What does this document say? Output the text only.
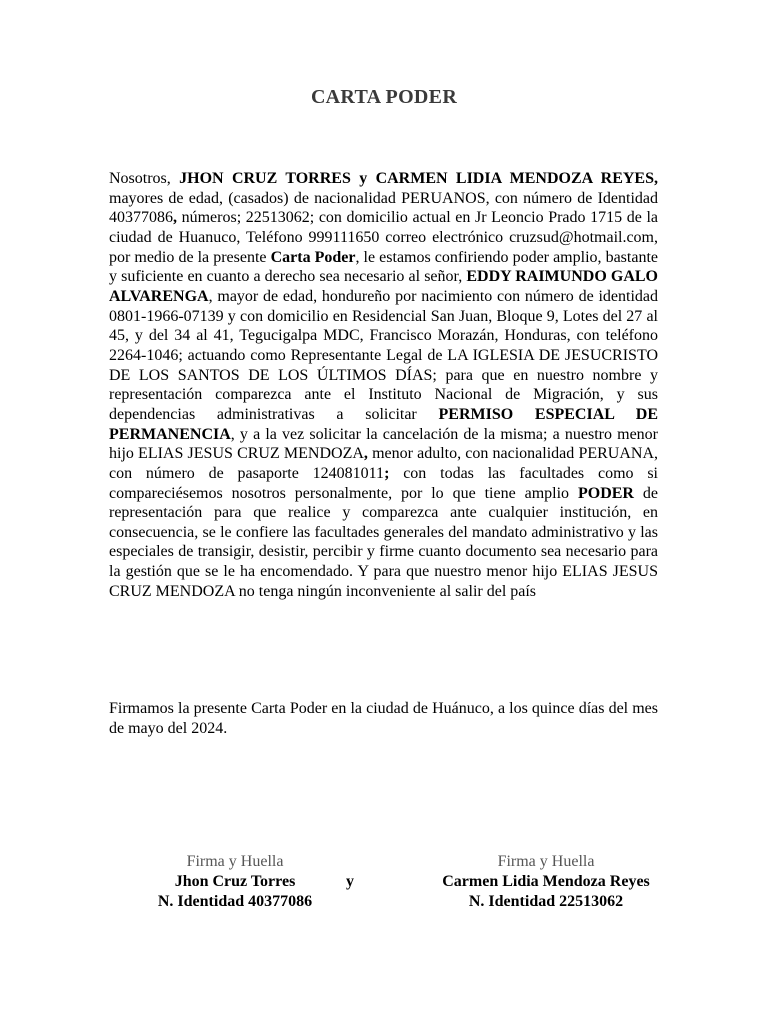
CARTA PODER
Nosotros, JHON CRUZ TORRES y CARMEN LIDIA MENDOZA REYES, mayores de edad, (casados) de nacionalidad PERUANOS, con número de Identidad 40377086, números; 22513062; con domicilio actual en Jr Leoncio Prado 1715 de la ciudad de Huanuco, Teléfono 999111650 correo electrónico cruzsud@hotmail.com, por medio de la presente Carta Poder, le estamos confiriendo poder amplio, bastante y suficiente en cuanto a derecho sea necesario al señor, EDDY RAIMUNDO GALO ALVARENGA, mayor de edad, hondureño por nacimiento con número de identidad 0801-1966-07139 y con domicilio en Residencial San Juan, Bloque 9, Lotes del 27 al 45, y del 34 al 41, Tegucigalpa MDC, Francisco Morazán, Honduras, con teléfono 2264-1046; actuando como Representante Legal de LA IGLESIA DE JESUCRISTO DE LOS SANTOS DE LOS ÚLTIMOS DÍAS; para que en nuestro nombre y representación comparezca ante el Instituto Nacional de Migración, y sus dependencias administrativas a solicitar PERMISO ESPECIAL DE PERMANENCIA, y a la vez solicitar la cancelación de la misma; a nuestro menor hijo ELIAS JESUS CRUZ MENDOZA, menor adulto, con nacionalidad PERUANA, con número de pasaporte 124081011; con todas las facultades como si compareciésemos nosotros personalmente, por lo que tiene amplio PODER de representación para que realice y comparezca ante cualquier institución, en consecuencia, se le confiere las facultades generales del mandato administrativo y las especiales de transigir, desistir, percibir y firme cuanto documento sea necesario para la gestión que se le ha encomendado. Y para que nuestro menor hijo ELIAS JESUS CRUZ MENDOZA no tenga ningún inconveniente al salir del país
Firmamos la presente Carta Poder en la ciudad de Huánuco, a los quince días del mes de mayo del 2024.
Firma y Huella
Jhon Cruz Torres
N. Identidad 40377086
y
Firma y Huella
Carmen Lidia Mendoza Reyes
N. Identidad 22513062
